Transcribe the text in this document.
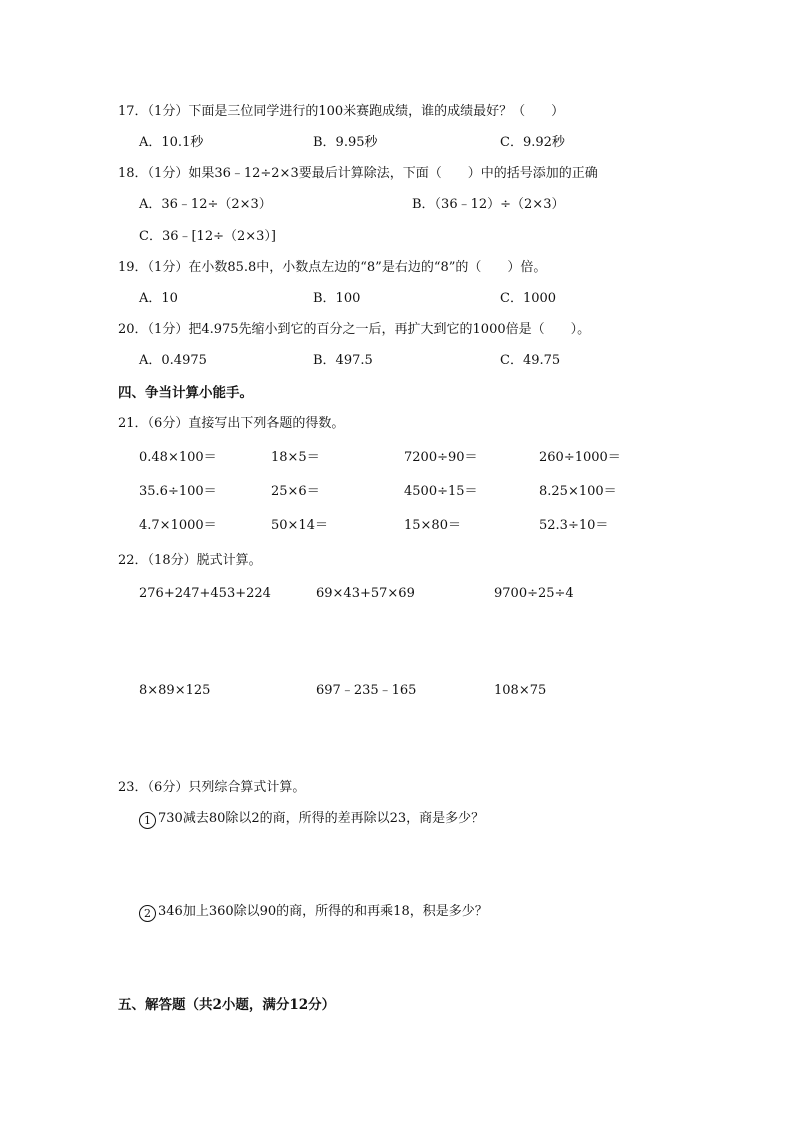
17．（1分）下面是三位同学进行的100米赛跑成绩，谁的成绩最好？（　　）
A．10.1秒	B．9.95秒	C．9.92秒
18．（1分）如果36﹣12÷2×3要最后计算除法，下面（　　）中的括号添加的正确
A．36﹣12÷（2×3）	B．（36﹣12）÷（2×3）
C．36﹣[12÷（2×3）]
19．（1分）在小数85.8中，小数点左边的“8”是右边的“8”的（　　）倍。
A．10	B．100	C．1000
20．（1分）把4.975先缩小到它的百分之一后，再扩大到它的1000倍是（　　）。
A．0.4975	B．497.5	C．49.75
四、争当计算小能手。
21．（6分）直接写出下列各题的得数。
0.48×100＝	18×5＝	7200÷90＝	260÷1000＝
35.6÷100＝	25×6＝	4500÷15＝	8.25×100＝
4.7×1000＝	50×14＝	15×80＝	52.3÷10＝
22．（18分）脱式计算。
276+247+453+224	69×43+57×69	9700÷25÷4
8×89×125	697﹣235﹣165	108×75
23．（6分）只列综合算式计算。
1 730减去80除以2的商，所得的差再除以23，商是多少？
2 346加上360除以90的商，所得的和再乘18，积是多少？
五、解答题（共2小题，满分12分）
